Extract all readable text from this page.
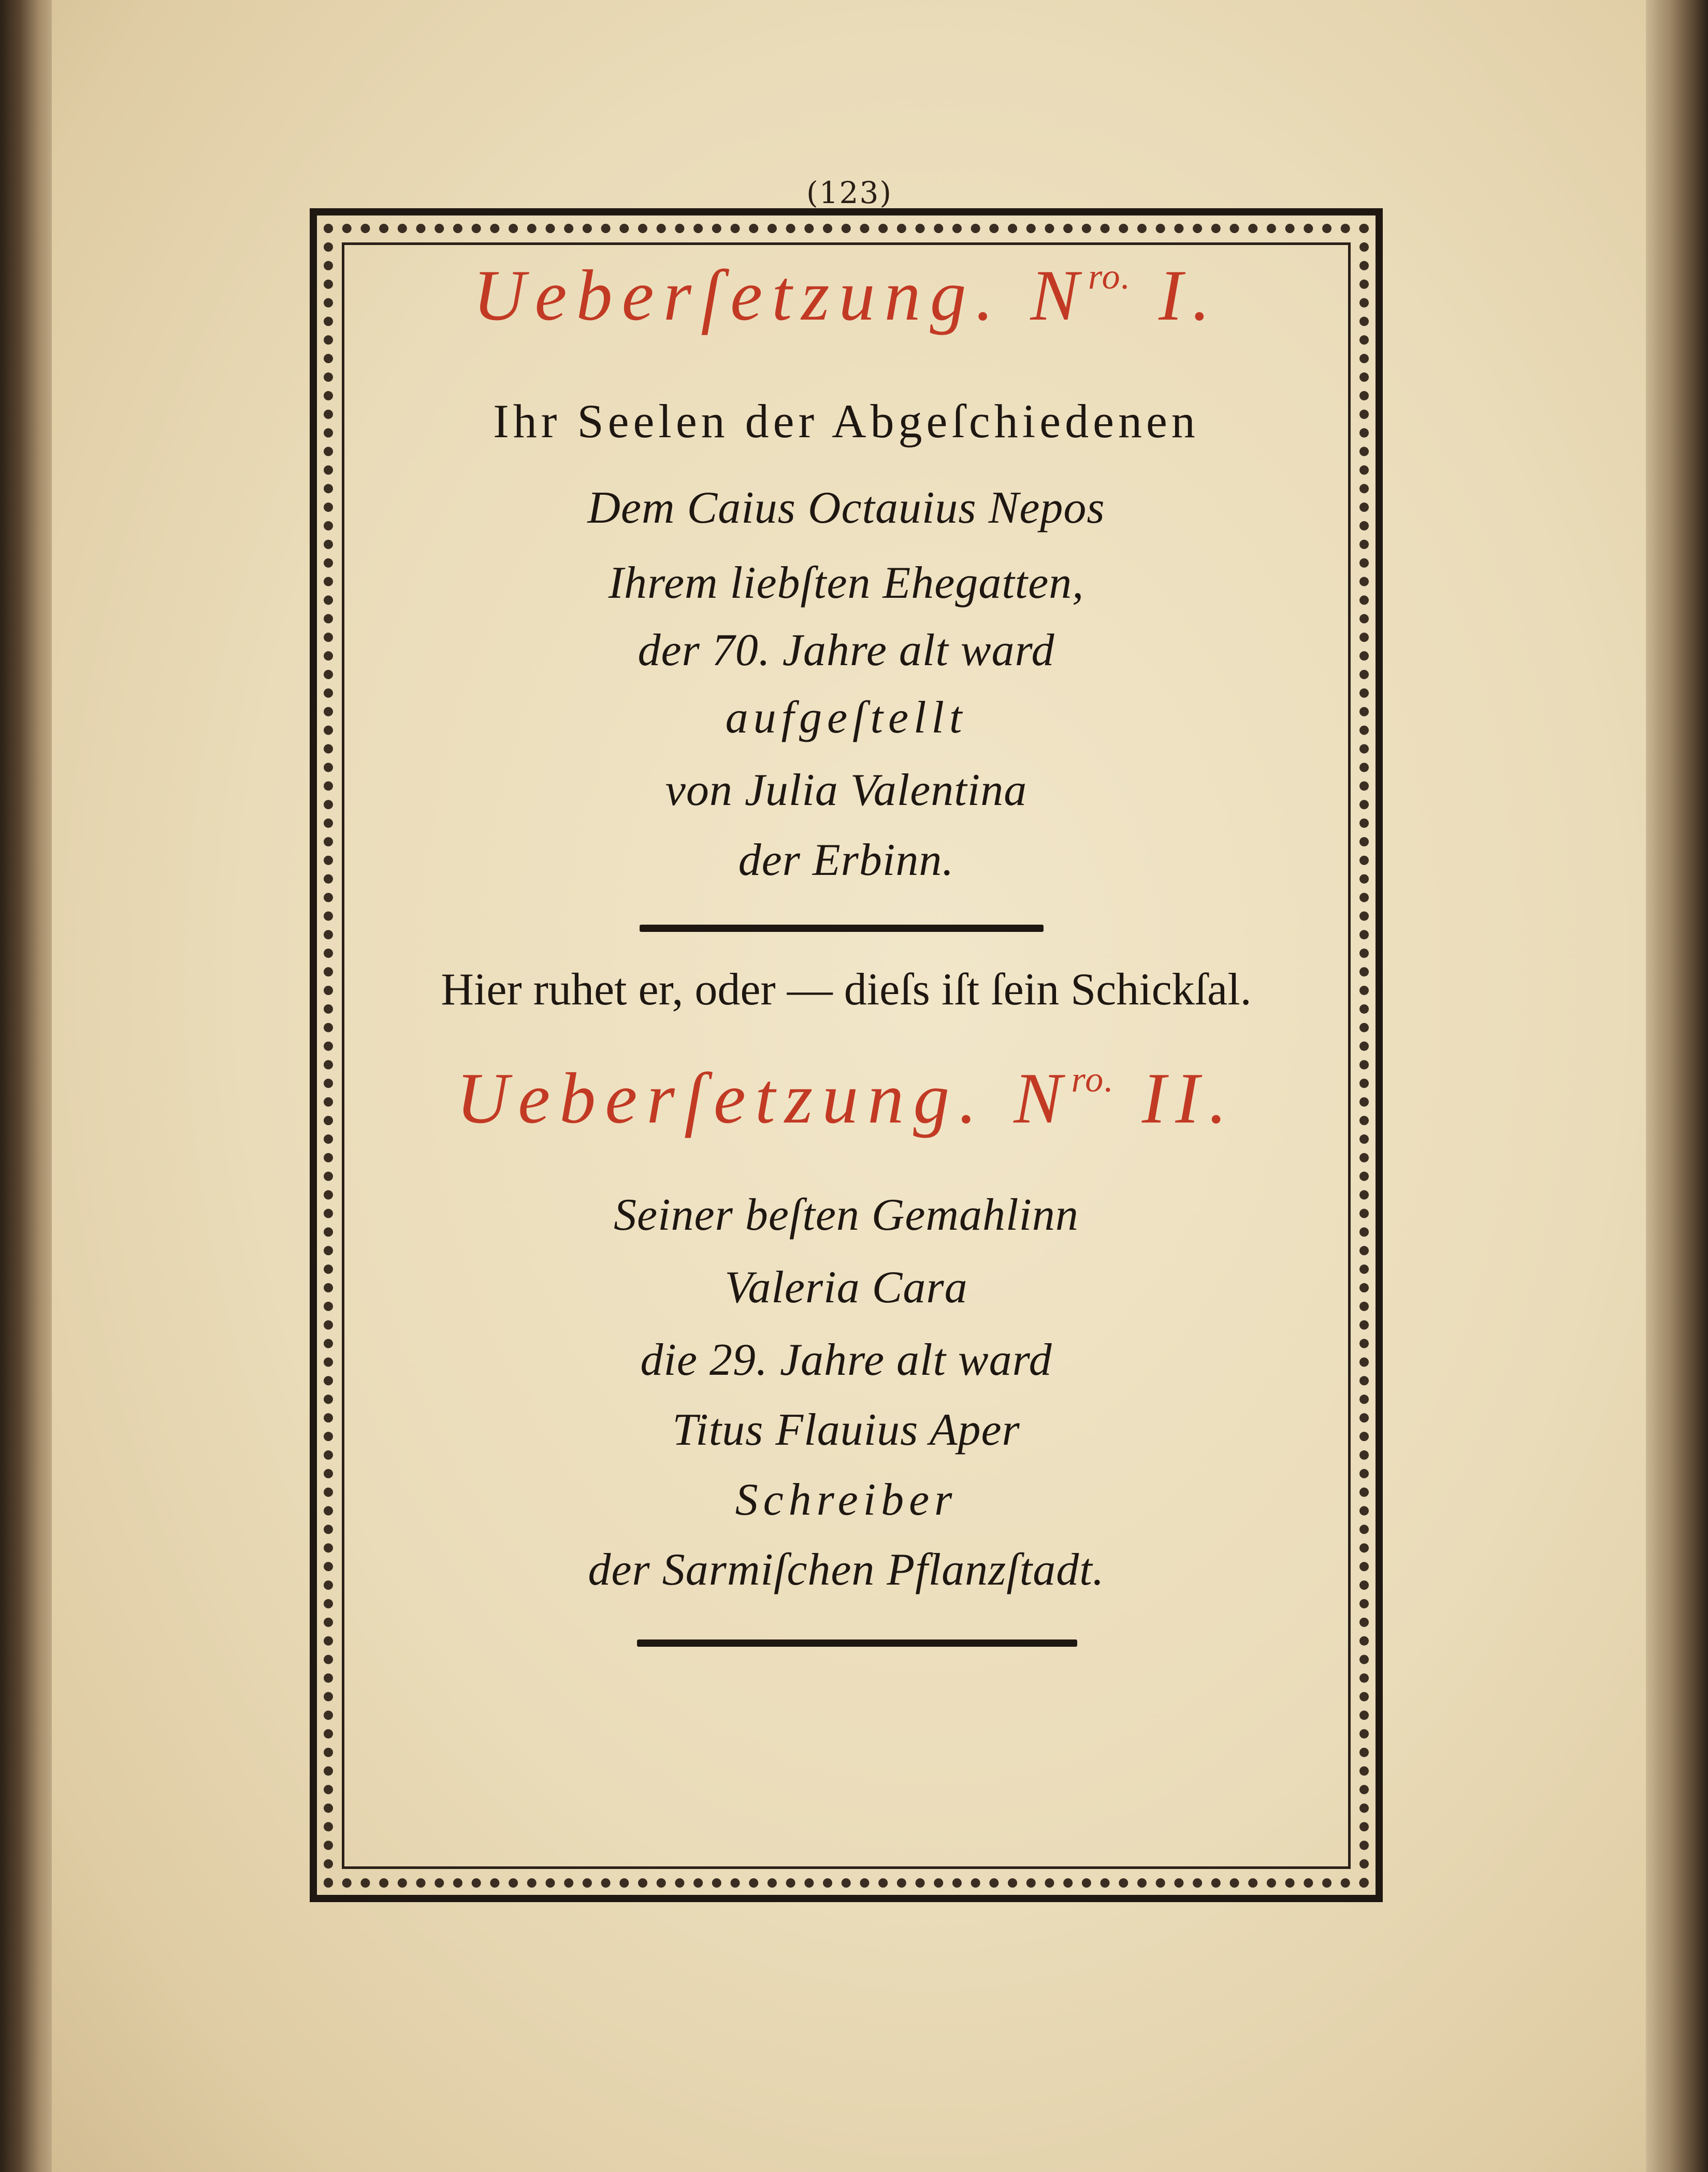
(123)
Ueberſetzung. $N^{ro.}$ I.
Ihr Seelen der Abgeſchiedenen
Dem Caius Octauius Nepos
Ihrem liebſten Ehegatten,
der 70. Jahre alt ward
aufgeſtellt
von Julia Valentina
der Erbinn.
Hier ruhet er, oder — dieſs iſt ſein Schickſal.
Ueberſetzung. $N^{ro.}$ II.
Seiner beſten Gemahlinn
Valeria Cara
die 29. Jahre alt ward
Titus Flauius Aper
Schreiber
der Sarmiſchen Pflanzſtadt.
